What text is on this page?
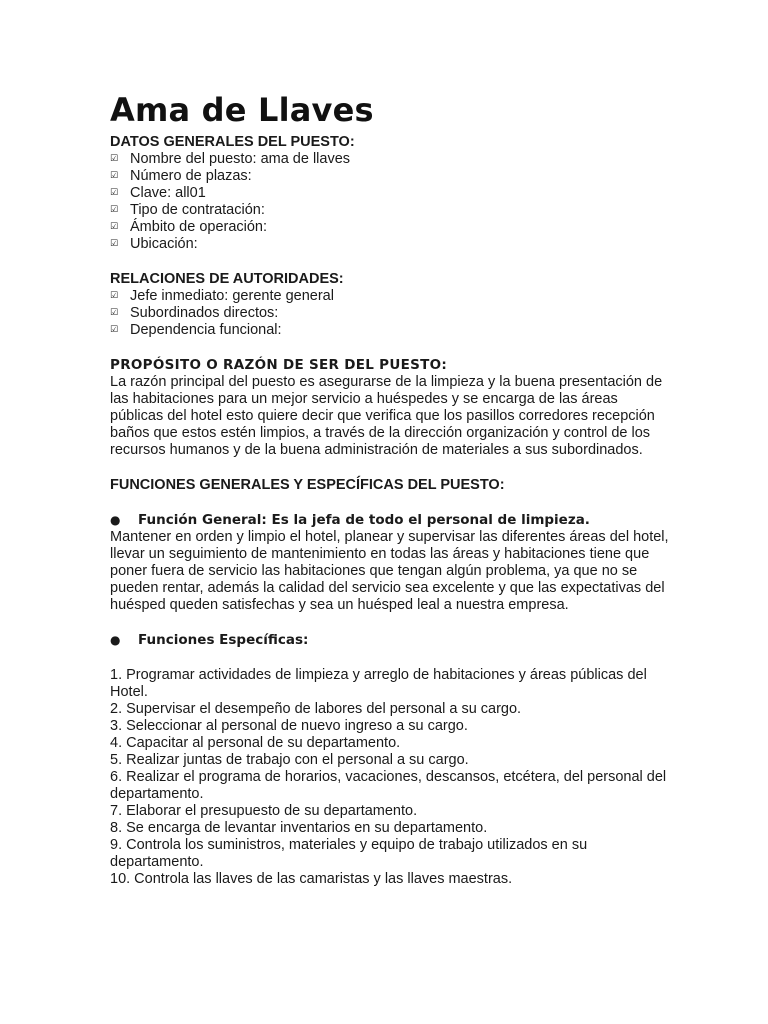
Ama de Llaves
DATOS GENERALES DEL PUESTO:
☑ Nombre del puesto: ama de llaves
☑ Número de plazas:
☑ Clave: all01
☑ Tipo de contratación:
☑ Ámbito de operación:
☑ Ubicación:
RELACIONES DE AUTORIDADES:
☑ Jefe inmediato: gerente general
☑ Subordinados directos:
☑ Dependencia funcional:
PROPÓSITO O RAZÓN DE SER DEL PUESTO:

La razón principal del puesto es asegurarse de la limpieza y la buena presentación de las habitaciones para un mejor servicio a huéspedes y se encarga de las áreas públicas del hotel esto quiere decir que verifica que los pasillos corredores recepción baños que estos estén limpios, a través de la dirección organización y control de los recursos humanos y de la buena administración de materiales a sus subordinados.

FUNCIONES GENERALES Y ESPECÍFICAS DEL PUESTO:
●	Función General: Es la jefa de todo el personal de limpieza.

Mantener en orden y limpio el hotel, planear y supervisar las diferentes áreas del hotel, llevar un seguimiento de mantenimiento en todas las áreas y habitaciones tiene que poner fuera de servicio las habitaciones que tengan algún problema, ya que no se pueden rentar, además la calidad del servicio sea excelente y que las expectativas del huésped queden satisfechas y sea un huésped leal a nuestra empresa.

●	Funciones Específicas:
1. Programar actividades de limpieza y arreglo de habitaciones y áreas públicas del Hotel.
2. Supervisar el desempeño de labores del personal a su cargo.
3. Seleccionar al personal de nuevo ingreso a su cargo.
4. Capacitar al personal de su departamento.
5. Realizar juntas de trabajo con el personal a su cargo.
6. Realizar el programa de horarios, vacaciones, descansos, etcétera, del personal del departamento.
7. Elaborar el presupuesto de su departamento.
8. Se encarga de levantar inventarios en su departamento.
9. Controla los suministros, materiales y equipo de trabajo utilizados en su departamento.
10. Controla las llaves de las camaristas y las llaves maestras.
